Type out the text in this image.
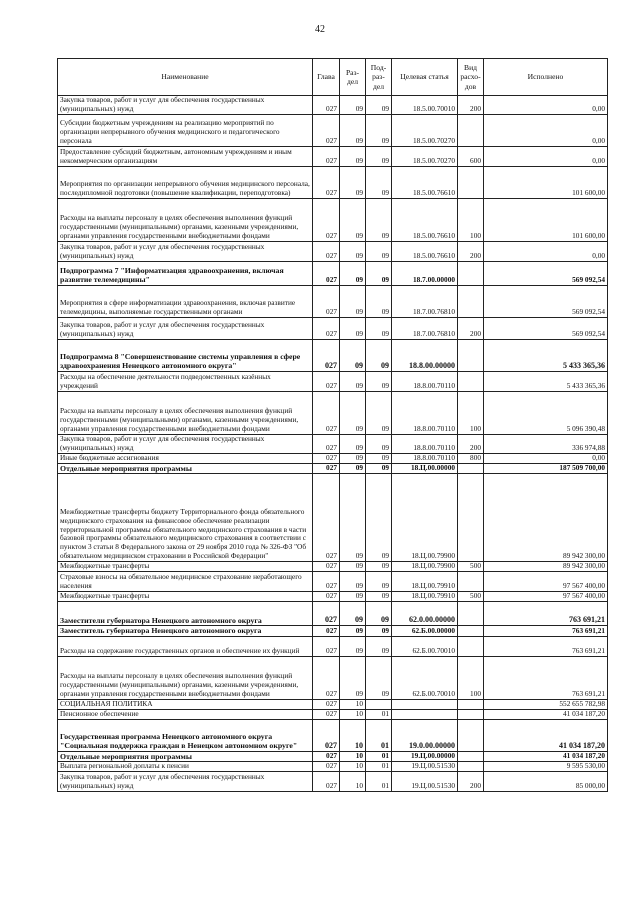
42
Наименование	Глава	Раз-дел	Под-раз-дел	Целевая статья	Вид расхо-дов	Исполнено
Закупка товаров, работ и услуг для обеспечения государственных (муниципальных) нужд	027	09	09	18.5.00.70010	200	0,00
Субсидии бюджетным учреждениям на реализацию мероприятий по организации непрерывного обучения медицинского и педагогического персонала	027	09	09	18.5.00.70270		0,00
Предоставление субсидий бюджетным, автономным учреждениям и иным некоммерческим организациям	027	09	09	18.5.00.70270	600	0,00
Мероприятия по организации непрерывного обучения медицинского персонала, последипломной подготовки (повышение квалификации, переподготовка)	027	09	09	18.5.00.76610		101 600,00
Расходы на выплаты персоналу в целях обеспечения выполнения функций государственными (муниципальными) органами, казенными учреждениями, органами управления государственными внебюджетными фондами	027	09	09	18.5.00.76610	100	101 600,00
Закупка товаров, работ и услуг для обеспечения государственных (муниципальных) нужд	027	09	09	18.5.00.76610	200	0,00
Подпрограмма 7 "Информатизация здравоохранения, включая развитие телемедицины"	027	09	09	18.7.00.00000		569 092,54
Мероприятия в сфере информатизации здравоохранения, включая развитие телемедицины, выполняемые государственными органами	027	09	09	18.7.00.76810		569 092,54
Закупка товаров, работ и услуг для обеспечения государственных (муниципальных) нужд	027	09	09	18.7.00.76810	200	569 092,54
Подпрограмма 8 "Совершенствование системы управления в сфере здравоохранения Ненецкого автономного округа"	027	09	09	18.8.00.00000		5 433 365,36
Расходы на обеспечение деятельности подведомственных казённых учреждений	027	09	09	18.8.00.70110		5 433 365,36
Расходы на выплаты персоналу в целях обеспечения выполнения функций государственными (муниципальными) органами, казенными учреждениями, органами управления государственными внебюджетными фондами	027	09	09	18.8.00.70110	100	5 096 390,48
Закупка товаров, работ и услуг для обеспечения государственных (муниципальных) нужд	027	09	09	18.8.00.70110	200	336 974,88
Иные бюджетные ассигнования	027	09	09	18.8.00.70110	800	0,00
Отдельные мероприятия программы	027	09	09	18.Ц.00.00000		187 509 700,00
Межбюджетные трансферты бюджету Территориального фонда обязательного медицинского страхования на финансовое обеспечение реализации территориальной программы обязательного медицинского страхования в части базовой программы обязательного медицинского страхования в соответствии с пунктом 3 статьи 8 Федерального закона от 29 ноября 2010 года № 326-ФЗ "Об обязательном медицинском страховании в Российской Федерации"	027	09	09	18.Ц.00.79900		89 942 300,00
Межбюджетные трансферты	027	09	09	18.Ц.00.79900	500	89 942 300,00
Страховые взносы на обязательное медицинское страхование неработающего населения	027	09	09	18.Ц.00.79910		97 567 400,00
Межбюджетные трансферты	027	09	09	18.Ц.00.79910	500	97 567 400,00
Заместители губернатора Ненецкого автономного округа	027	09	09	62.0.00.00000		763 691,21
Заместитель губернатора Ненецкого автономного округа	027	09	09	62.Б.00.00000		763 691,21
Расходы на содержание государственных органов и обеспечение их функций	027	09	09	62.Б.00.70010		763 691,21
Расходы на выплаты персоналу в целях обеспечения выполнения функций государственными (муниципальными) органами, казенными учреждениями, органами управления государственными внебюджетными фондами	027	09	09	62.Б.00.70010	100	763 691,21
СОЦИАЛЬНАЯ ПОЛИТИКА	027	10				552 655 782,98
Пенсионное обеспечение	027	10	01			41 034 187,20
Государственная программа Ненецкого автономного округа "Социальная поддержка граждан в Ненецком автономном округе"	027	10	01	19.0.00.00000		41 034 187,20
Отдельные мероприятия программы	027	10	01	19.Ц.00.00000		41 034 187,20
Выплата региональной доплаты к пенсии	027	10	01	19.Ц.00.51530		9 595 530,00
Закупка товаров, работ и услуг для обеспечения государственных (муниципальных) нужд	027	10	01	19.Ц.00.51530	200	85 000,00
